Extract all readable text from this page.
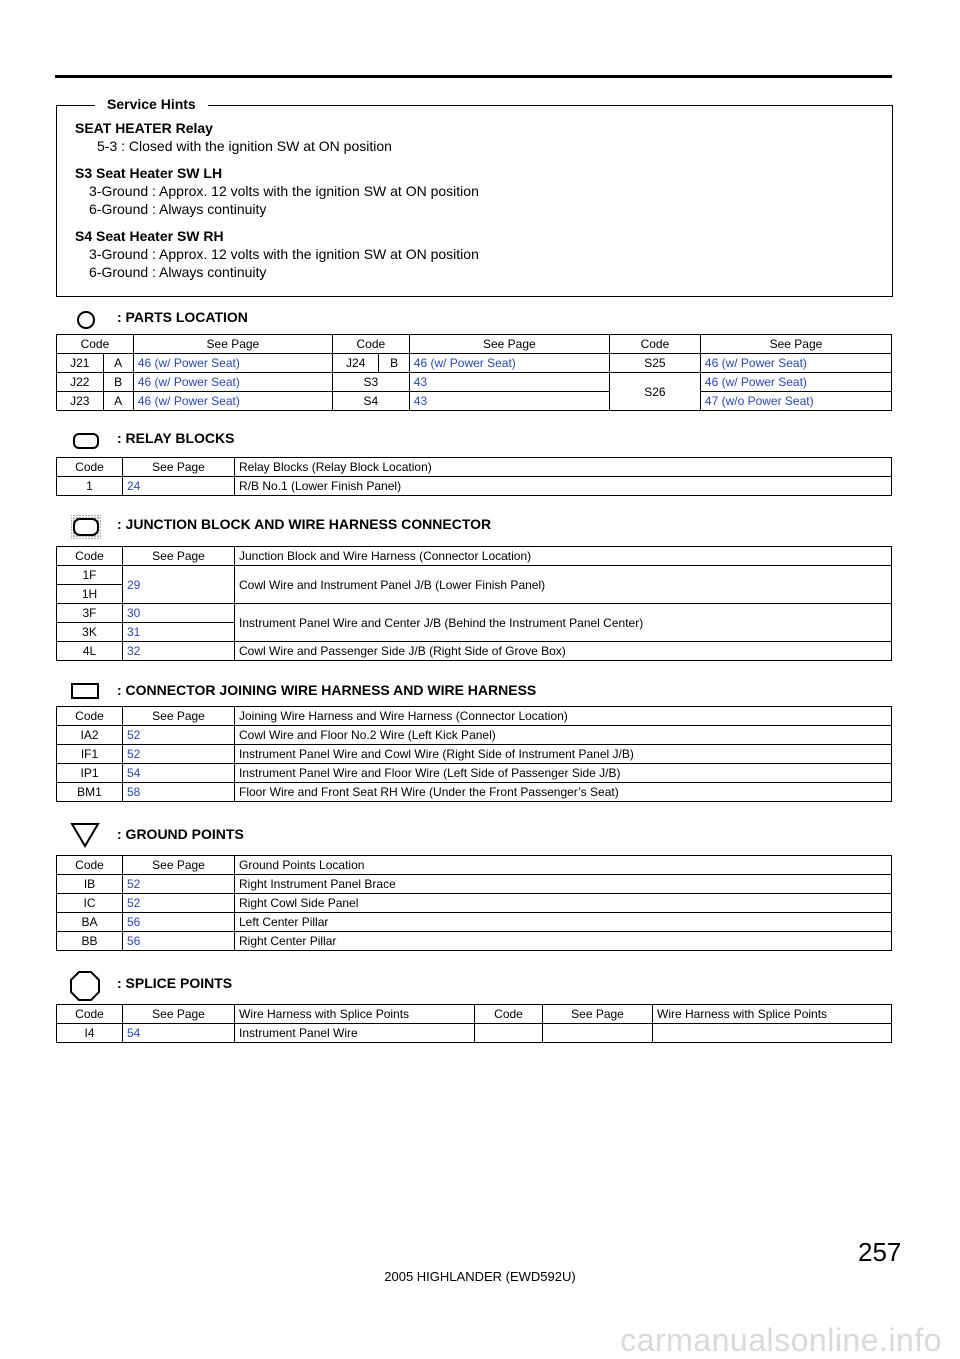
Service Hints
SEAT HEATER Relay
5-3 : Closed with the ignition SW at ON position
S3 Seat Heater SW LH
3-Ground : Approx. 12 volts with the ignition SW at ON position
6-Ground : Always continuity
S4 Seat Heater SW RH
3-Ground : Approx. 12 volts with the ignition SW at ON position
6-Ground : Always continuity
: PARTS LOCATION
Code		See Page	Code		See Page	Code	See Page
J21	A	46 (w/ Power Seat)	J24	B	46 (w/ Power Seat)	S25	46 (w/ Power Seat)
J22	B	46 (w/ Power Seat)	S3		43	S26	46 (w/ Power Seat)
J23	A	46 (w/ Power Seat)	S4		43		47 (w/o Power Seat)
: RELAY BLOCKS
Code	See Page	Relay Blocks (Relay Block Location)
1	24	R/B No.1 (Lower Finish Panel)
: JUNCTION BLOCK AND WIRE HARNESS CONNECTOR
Code	See Page	Junction Block and Wire Harness (Connector Location)
1F	29	Cowl Wire and Instrument Panel J/B (Lower Finish Panel)
1H		
3F	30	Instrument Panel Wire and Center J/B (Behind the Instrument Panel Center)
3K	31	
4L	32	Cowl Wire and Passenger Side J/B (Right Side of Grove Box)
: CONNECTOR JOINING WIRE HARNESS AND WIRE HARNESS
Code	See Page	Joining Wire Harness and Wire Harness (Connector Location)
IA2	52	Cowl Wire and Floor No.2 Wire (Left Kick Panel)
IF1	52	Instrument Panel Wire and Cowl Wire (Right Side of Instrument Panel J/B)
IP1	54	Instrument Panel Wire and Floor Wire (Left Side of Passenger Side J/B)
BM1	58	Floor Wire and Front Seat RH Wire (Under the Front Passenger’s Seat)
: GROUND POINTS
Code	See Page	Ground Points Location
IB	52	Right Instrument Panel Brace
IC	52	Right Cowl Side Panel
BA	56	Left Center Pillar
BB	56	Right Center Pillar
: SPLICE POINTS
Code	See Page	Wire Harness with Splice Points	Code	See Page	Wire Harness with Splice Points
I4	54	Instrument Panel Wire			
257
2005 HIGHLANDER (EWD592U)
carmanualsonline.info
